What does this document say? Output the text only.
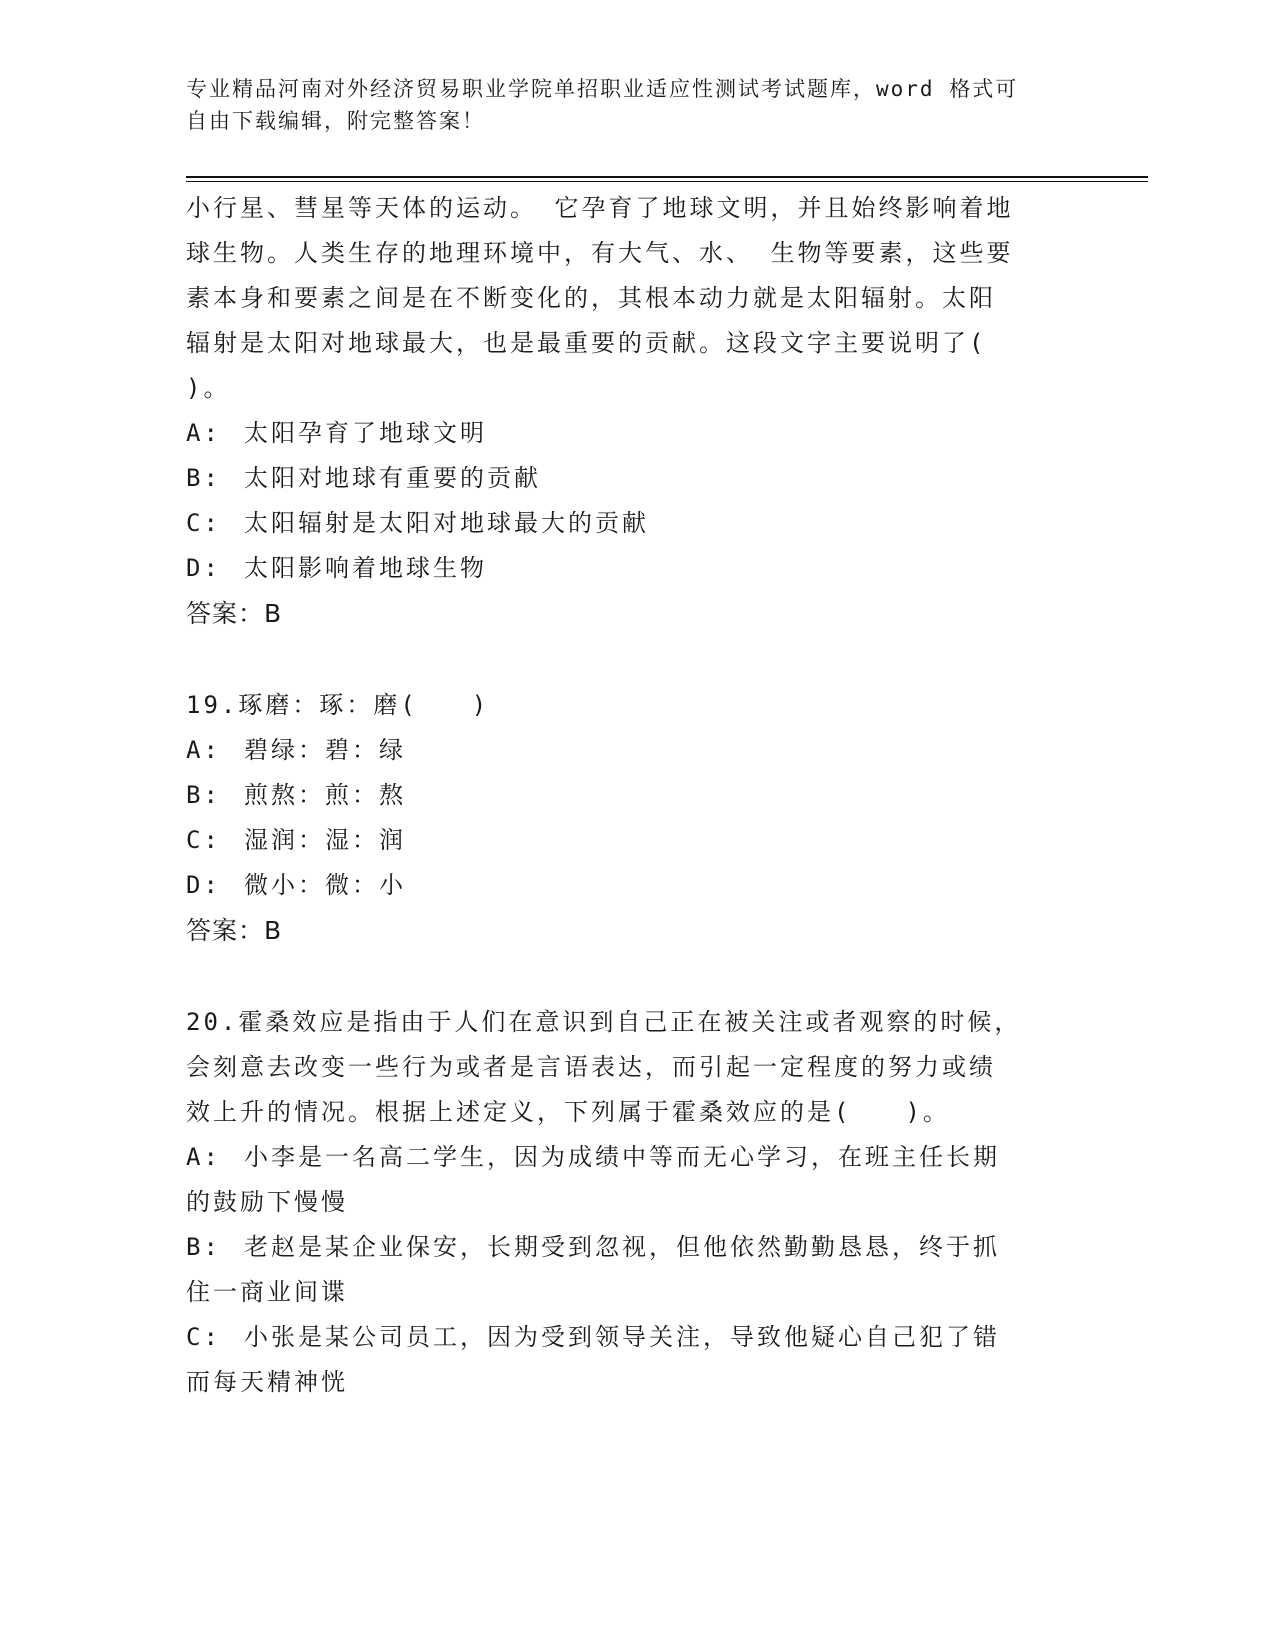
专业精品河南对外经济贸易职业学院单招职业适应性测试考试题库，word 格式可
自由下载编辑，附完整答案！
小行星、彗星等天体的运动。 它孕育了地球文明，并且始终影响着地
球生物。人类生存的地理环境中，有大气、水、 生物等要素，这些要
素本身和要素之间是在不断变化的，其根本动力就是太阳辐射。太阳
辐射是太阳对地球最大，也是最重要的贡献。这段文字主要说明了(
)。
A: 太阳孕育了地球文明
B: 太阳对地球有重要的贡献
C: 太阳辐射是太阳对地球最大的贡献
D: 太阳影响着地球生物
答案：B
19.琢磨：琢：磨(　　)
A: 碧绿：碧：绿
B: 煎熬：煎：熬
C: 湿润：湿：润
D: 微小：微：小
答案：B
20.霍桑效应是指由于人们在意识到自己正在被关注或者观察的时候，
会刻意去改变一些行为或者是言语表达，而引起一定程度的努力或绩
效上升的情况。根据上述定义，下列属于霍桑效应的是(　　)。
A: 小李是一名高二学生，因为成绩中等而无心学习，在班主任长期
的鼓励下慢慢
B: 老赵是某企业保安，长期受到忽视，但他依然勤勤恳恳，终于抓
住一商业间谍
C: 小张是某公司员工，因为受到领导关注，导致他疑心自己犯了错
而每天精神恍
